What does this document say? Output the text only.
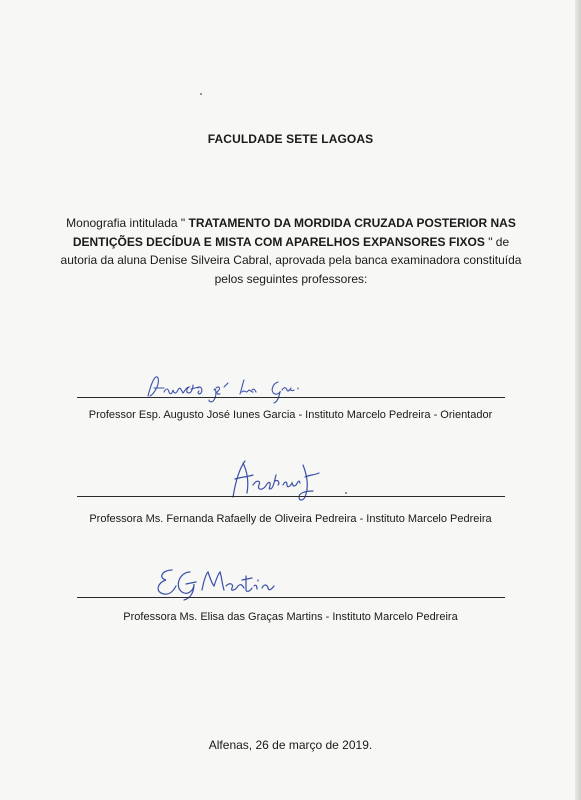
FACULDADE SETE LAGOAS
Monografia intitulada " TRATAMENTO DA MORDIDA CRUZADA POSTERIOR NAS DENTIÇÕES DECÍDUA E MISTA COM APARELHOS EXPANSORES FIXOS " de autoria da aluna Denise Silveira Cabral, aprovada pela banca examinadora constituída pelos seguintes professores:
Professor Esp. Augusto José Iunes Garcia - Instituto Marcelo Pedreira - Orientador
Professora Ms. Fernanda Rafaelly de Oliveira Pedreira - Instituto Marcelo Pedreira
Professora Ms. Elisa das Graças Martins - Instituto Marcelo Pedreira
Alfenas, 26 de março de 2019.
